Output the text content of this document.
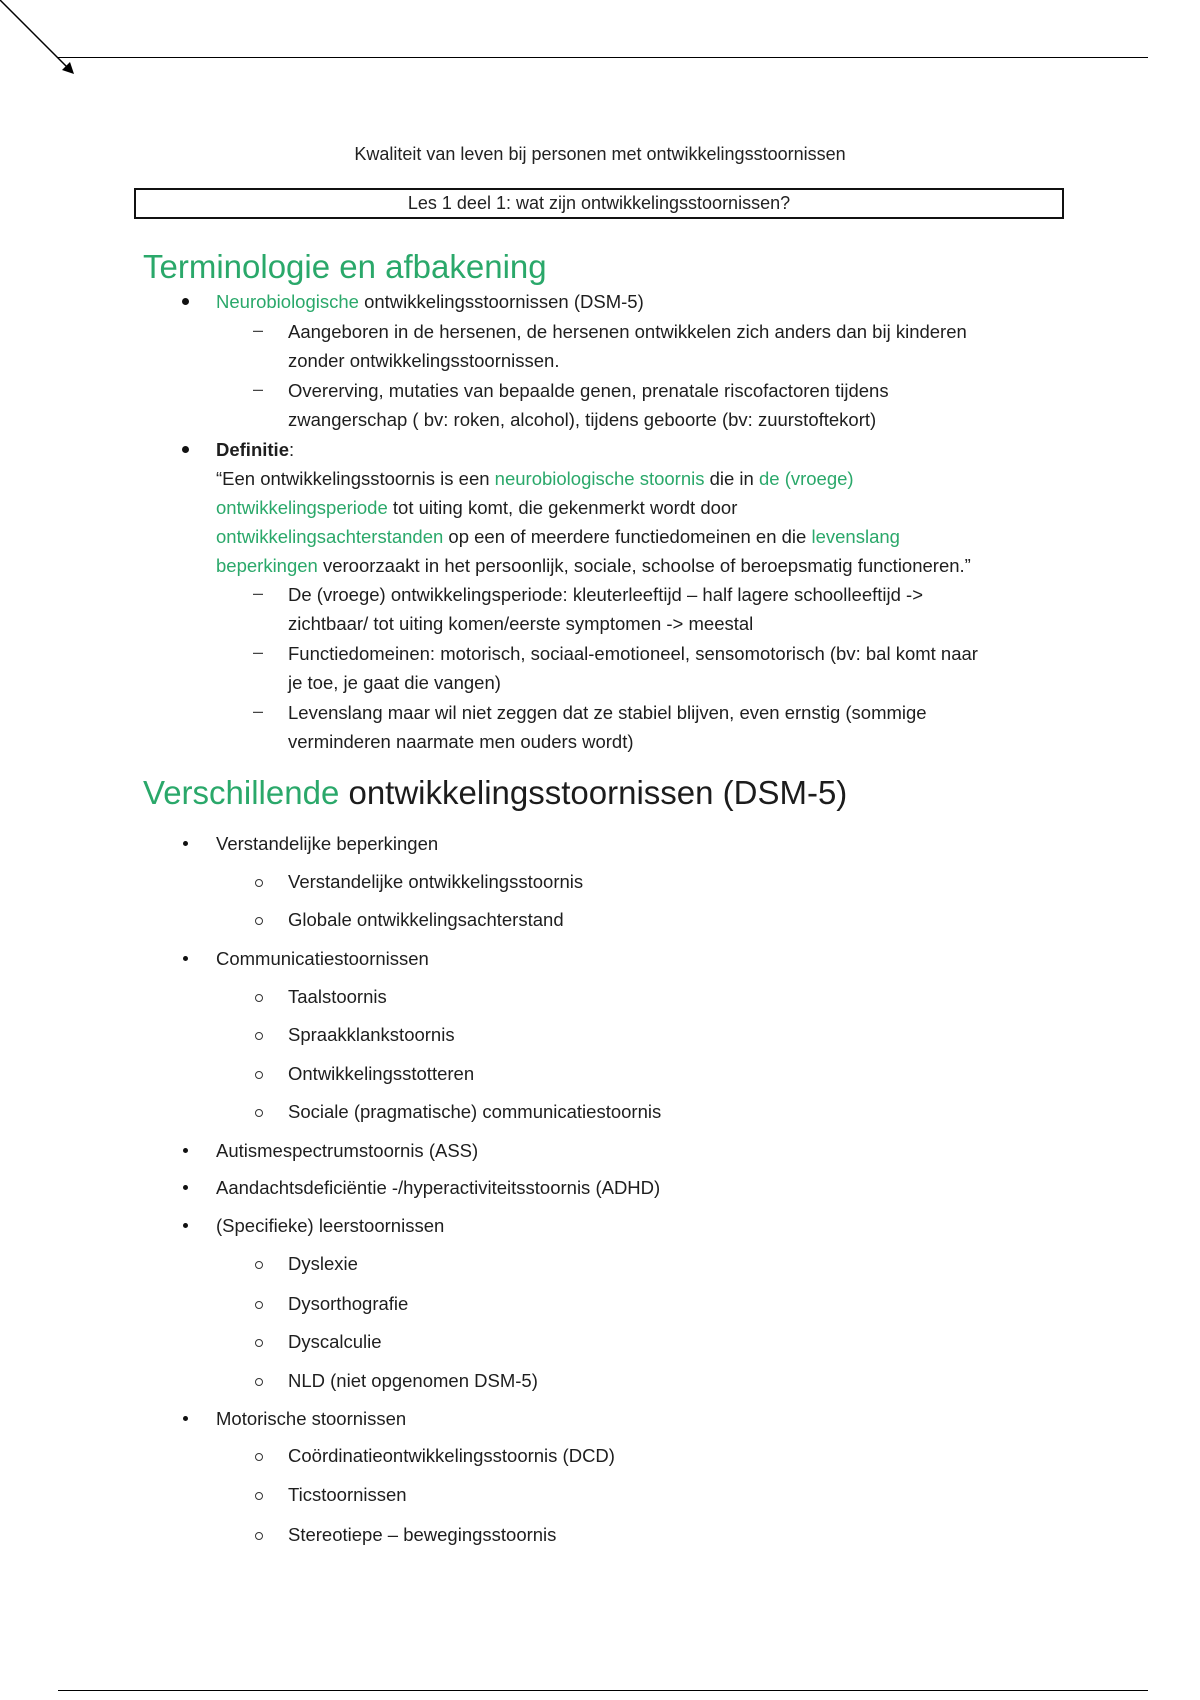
Kwaliteit van leven bij personen met ontwikkelingsstoornissen
Les 1 deel 1: wat zijn ontwikkelingsstoornissen?
Terminologie en afbakening
Neurobiologische ontwikkelingsstoornissen (DSM-5)
– Aangeboren in de hersenen, de hersenen ontwikkelen zich anders dan bij kinderen
zonder ontwikkelingsstoornissen.
– Overerving, mutaties van bepaalde genen, prenatale riscofactoren tijdens
zwangerschap ( bv: roken, alcohol), tijdens geboorte (bv: zuurstoftekort)
Definitie:
“Een ontwikkelingsstoornis is een neurobiologische stoornis die in de (vroege)
ontwikkelingsperiode tot uiting komt, die gekenmerkt wordt door
ontwikkelingsachterstanden op een of meerdere functiedomeinen en die levenslang
beperkingen veroorzaakt in het persoonlijk, sociale, schoolse of beroepsmatig functioneren.”
– De (vroege) ontwikkelingsperiode: kleuterleeftijd – half lagere schoolleeftijd ->
zichtbaar/ tot uiting komen/eerste symptomen -> meestal
– Functiedomeinen: motorisch, sociaal-emotioneel, sensomotorisch (bv: bal komt naar
je toe, je gaat die vangen)
– Levenslang maar wil niet zeggen dat ze stabiel blijven, even ernstig (sommige
verminderen naarmate men ouders wordt)
Verschillende ontwikkelingsstoornissen (DSM-5)
Verstandelijke beperkingen
Verstandelijke ontwikkelingsstoornis
Globale ontwikkelingsachterstand
Communicatiestoornissen
Taalstoornis
Spraakklankstoornis
Ontwikkelingsstotteren
Sociale (pragmatische) communicatiestoornis
Autismespectrumstoornis (ASS)
Aandachtsdeficiëntie -/hyperactiviteitsstoornis (ADHD)
(Specifieke) leerstoornissen
Dyslexie
Dysorthografie
Dyscalculie
NLD (niet opgenomen DSM-5)
Motorische stoornissen
Coördinatieontwikkelingsstoornis (DCD)
Ticstoornissen
Stereotiepe – bewegingsstoornis
